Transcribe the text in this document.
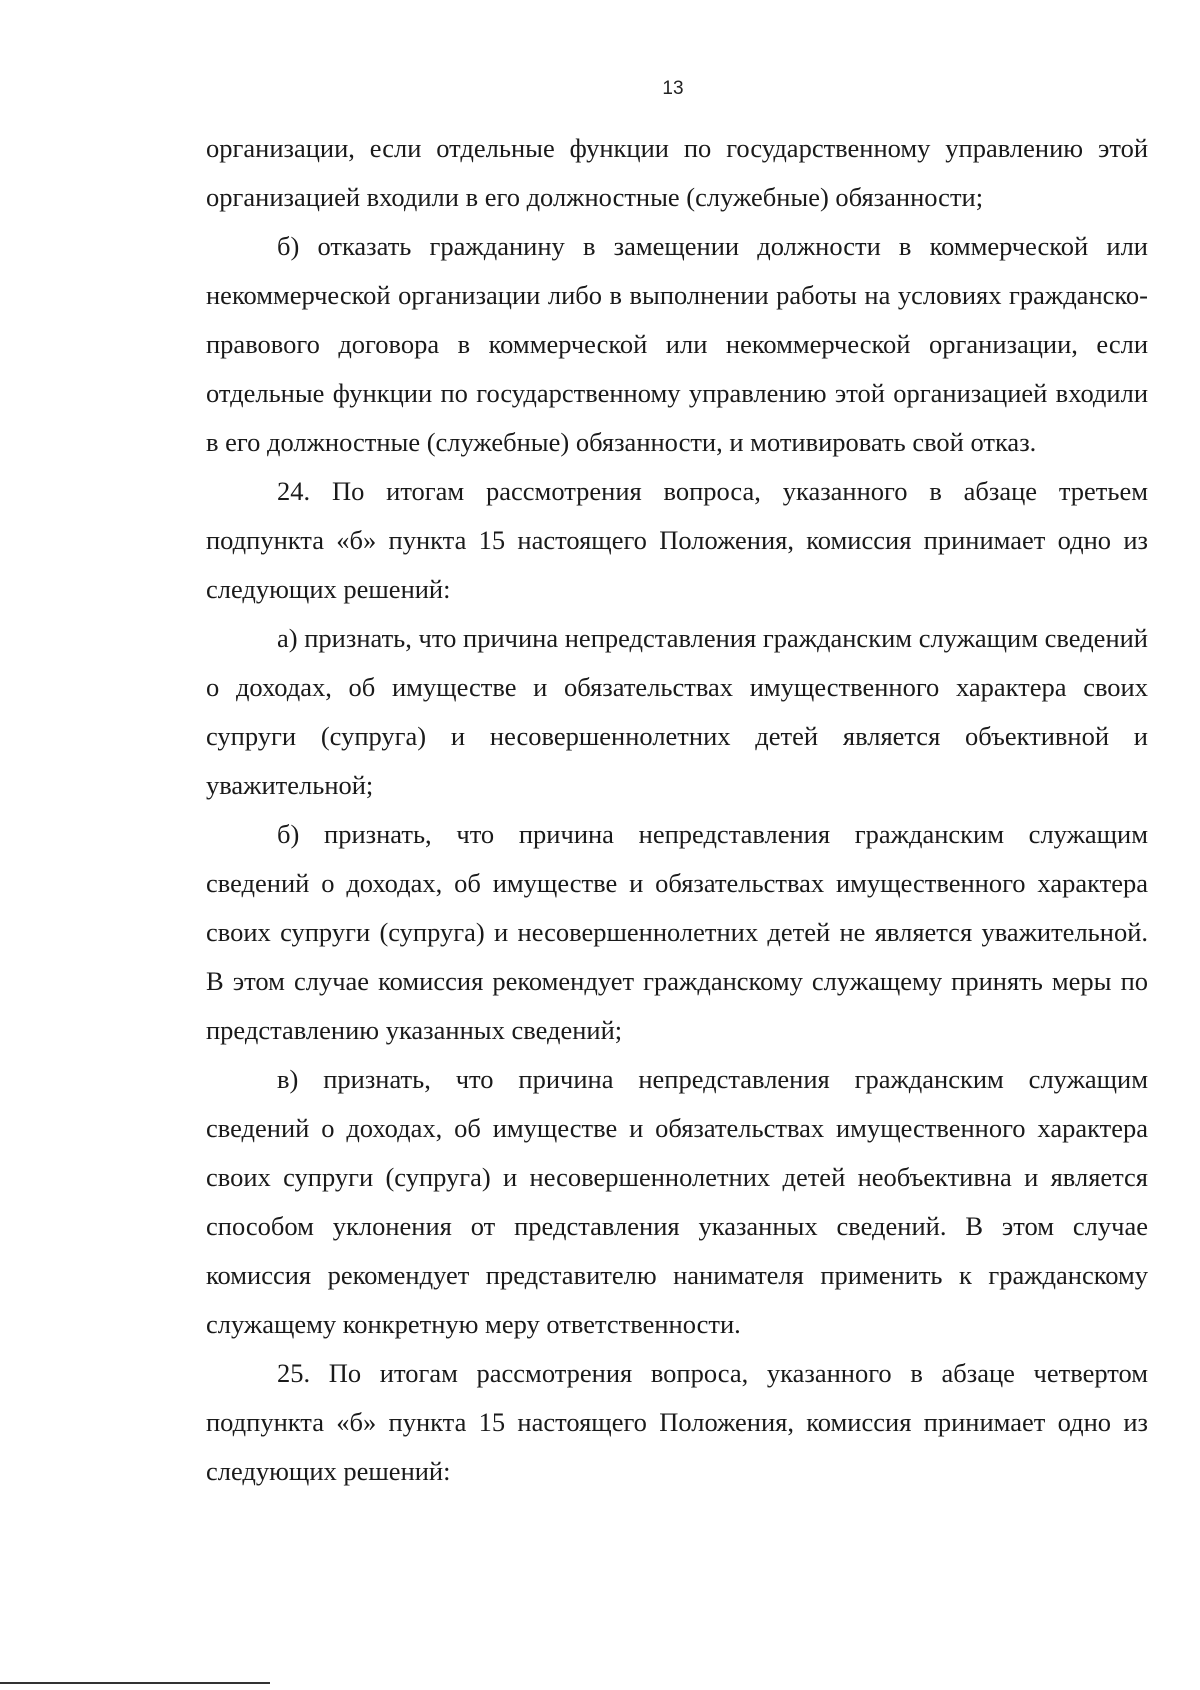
13

организации, если отдельные функции по государственному управлению этой организацией входили в его должностные (служебные) обязанности;

б) отказать гражданину в замещении должности в коммерческой или некоммерческой организации либо в выполнении работы на условиях гражданско-правового договора в коммерческой или некоммерческой организации, если отдельные функции по государственному управлению этой организацией входили в его должностные (служебные) обязанности, и мотивировать свой отказ.

24. По итогам рассмотрения вопроса, указанного в абзаце третьем подпункта «б» пункта 15 настоящего Положения, комиссия принимает одно из следующих решений:

а) признать, что причина непредставления гражданским служащим сведений о доходах, об имуществе и обязательствах имущественного характера своих супруги (супруга) и несовершеннолетних детей является объективной и уважительной;

б) признать, что причина непредставления гражданским служащим сведений о доходах, об имуществе и обязательствах имущественного характера своих супруги (супруга) и несовершеннолетних детей не является уважительной. В этом случае комиссия рекомендует гражданскому служащему принять меры по представлению указанных сведений;

в) признать, что причина непредставления гражданским служащим сведений о доходах, об имуществе и обязательствах имущественного характера своих супруги (супруга) и несовершеннолетних детей необъективна и является способом уклонения от представления указанных сведений. В этом случае комиссия рекомендует представителю нанимателя применить к гражданскому служащему конкретную меру ответственности.

25. По итогам рассмотрения вопроса, указанного в абзаце четвертом подпункта «б» пункта 15 настоящего Положения, комиссия принимает одно из следующих решений:
